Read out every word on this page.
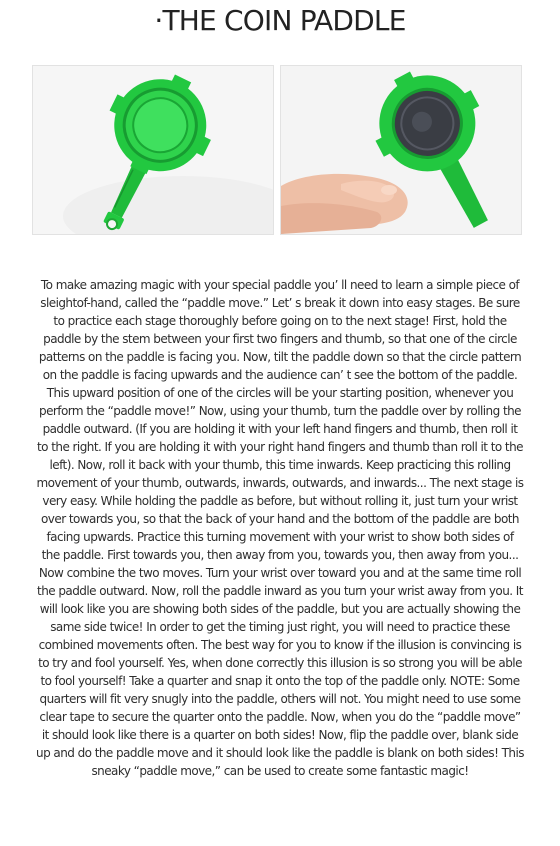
·THE COIN PADDLE

To make amazing magic with your special paddle you’ ll need to learn a simple piece of sleightof-hand, called the “paddle move.” Let’ s break it down into easy stages. Be sure to practice each stage thoroughly before going on to the next stage! First, hold the paddle by the stem between your first two fingers and thumb, so that one of the circle patterns on the paddle is facing you. Now, tilt the paddle down so that the circle pattern on the paddle is facing upwards and the audience can’ t see the bottom of the paddle. This upward position of one of the circles will be your starting position, whenever you perform the “paddle move!” Now, using your thumb, turn the paddle over by rolling the paddle outward. (If you are holding it with your left hand fingers and thumb, then roll it to the right. If you are holding it with your right hand fingers and thumb than roll it to the left). Now, roll it back with your thumb, this time inwards. Keep practicing this rolling movement of your thumb, outwards, inwards, outwards, and inwards... The next stage is very easy. While holding the paddle as before, but without rolling it, just turn your wrist over towards you, so that the back of your hand and the bottom of the paddle are both facing upwards. Practice this turning movement with your wrist to show both sides of the paddle. First towards you, then away from you, towards you, then away from you... Now combine the two moves. Turn your wrist over toward you and at the same time roll the paddle outward. Now, roll the paddle inward as you turn your wrist away from you. It will look like you are showing both sides of the paddle, but you are actually showing the same side twice! In order to get the timing just right, you will need to practice these combined movements often. The best way for you to know if the illusion is convincing is to try and fool yourself. Yes, when done correctly this illusion is so strong you will be able to fool yourself! Take a quarter and snap it onto the top of the paddle only. NOTE: Some quarters will fit very snugly into the paddle, others will not. You might need to use some clear tape to secure the quarter onto the paddle. Now, when you do the “paddle move” it should look like there is a quarter on both sides! Now, flip the paddle over, blank side up and do the paddle move and it should look like the paddle is blank on both sides! This sneaky “paddle move,” can be used to create some fantastic magic!
